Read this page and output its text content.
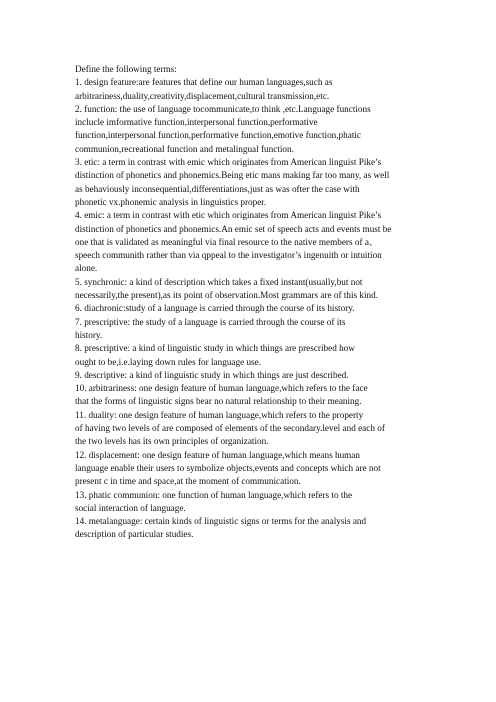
Define the following terms:
1. design feature:are features that define our human languages,such as
arbitrariness,duality,creativity,displacement,cultural transmission,etc.
2. function: the use of language tocommunicate,to think ,etc.Language functions
inclucle imformative function,interpersonal function,performative
function,interpersonal function,performative function,emotive function,phatic
communion,recreational function and metalingual function.
3. etic: a term in contrast with emic which originates from American linguist Pike’s
distinction of phonetics and phonemics.Being etic mans making far too many, as well
as behaviously inconsequential,differentiations,just as was ofter the case with
phonetic vx.phonemic analysis in linguistics proper.
4. emic: a term in contrast with etic which originates from American linguist Pike’s
distinction of phonetics and phonemics.An emic set of speech acts and events must be
one that is validated as meaningful via final resource to the native members of a、
speech communith rather than via qppeal to the investigator’s ingenuith or intuition
alone.
5. synchronic: a kind of description which takes a fixed instant(usually,but not
necessarily,the present),as its point of observation.Most grammars are of this kind.
6. diachronic:study of a language is carried through the course of its history.
7. prescriptive: the study of a language is carried through the course of its
history.
8. prescriptive: a kind of linguistic study in which things are prescribed how
ought to be,i.e.laying down rules for language use.
9. descriptive: a kind of linguistic study in which things are just described.
10. arbitrariness: one design feature of human language,which refers to the face
that the forms of linguistic signs bear no natural relationship to their meaning.
11. duality: one design feature of human language,which refers to the property
of having two levels of are composed of elements of the secondary.level and each of
the two levels has its own principles of organization.
12. displacement: one design feature of human language,which means human
language enable their users to symbolize objects,events and concepts which are not
present c in time and space,at the moment of communication.
13. phatic communion: one function of human language,which refers to the
social interaction of language.
14. metalanguage: certain kinds of linguistic signs or terms for the analysis and
description of particular studies.
